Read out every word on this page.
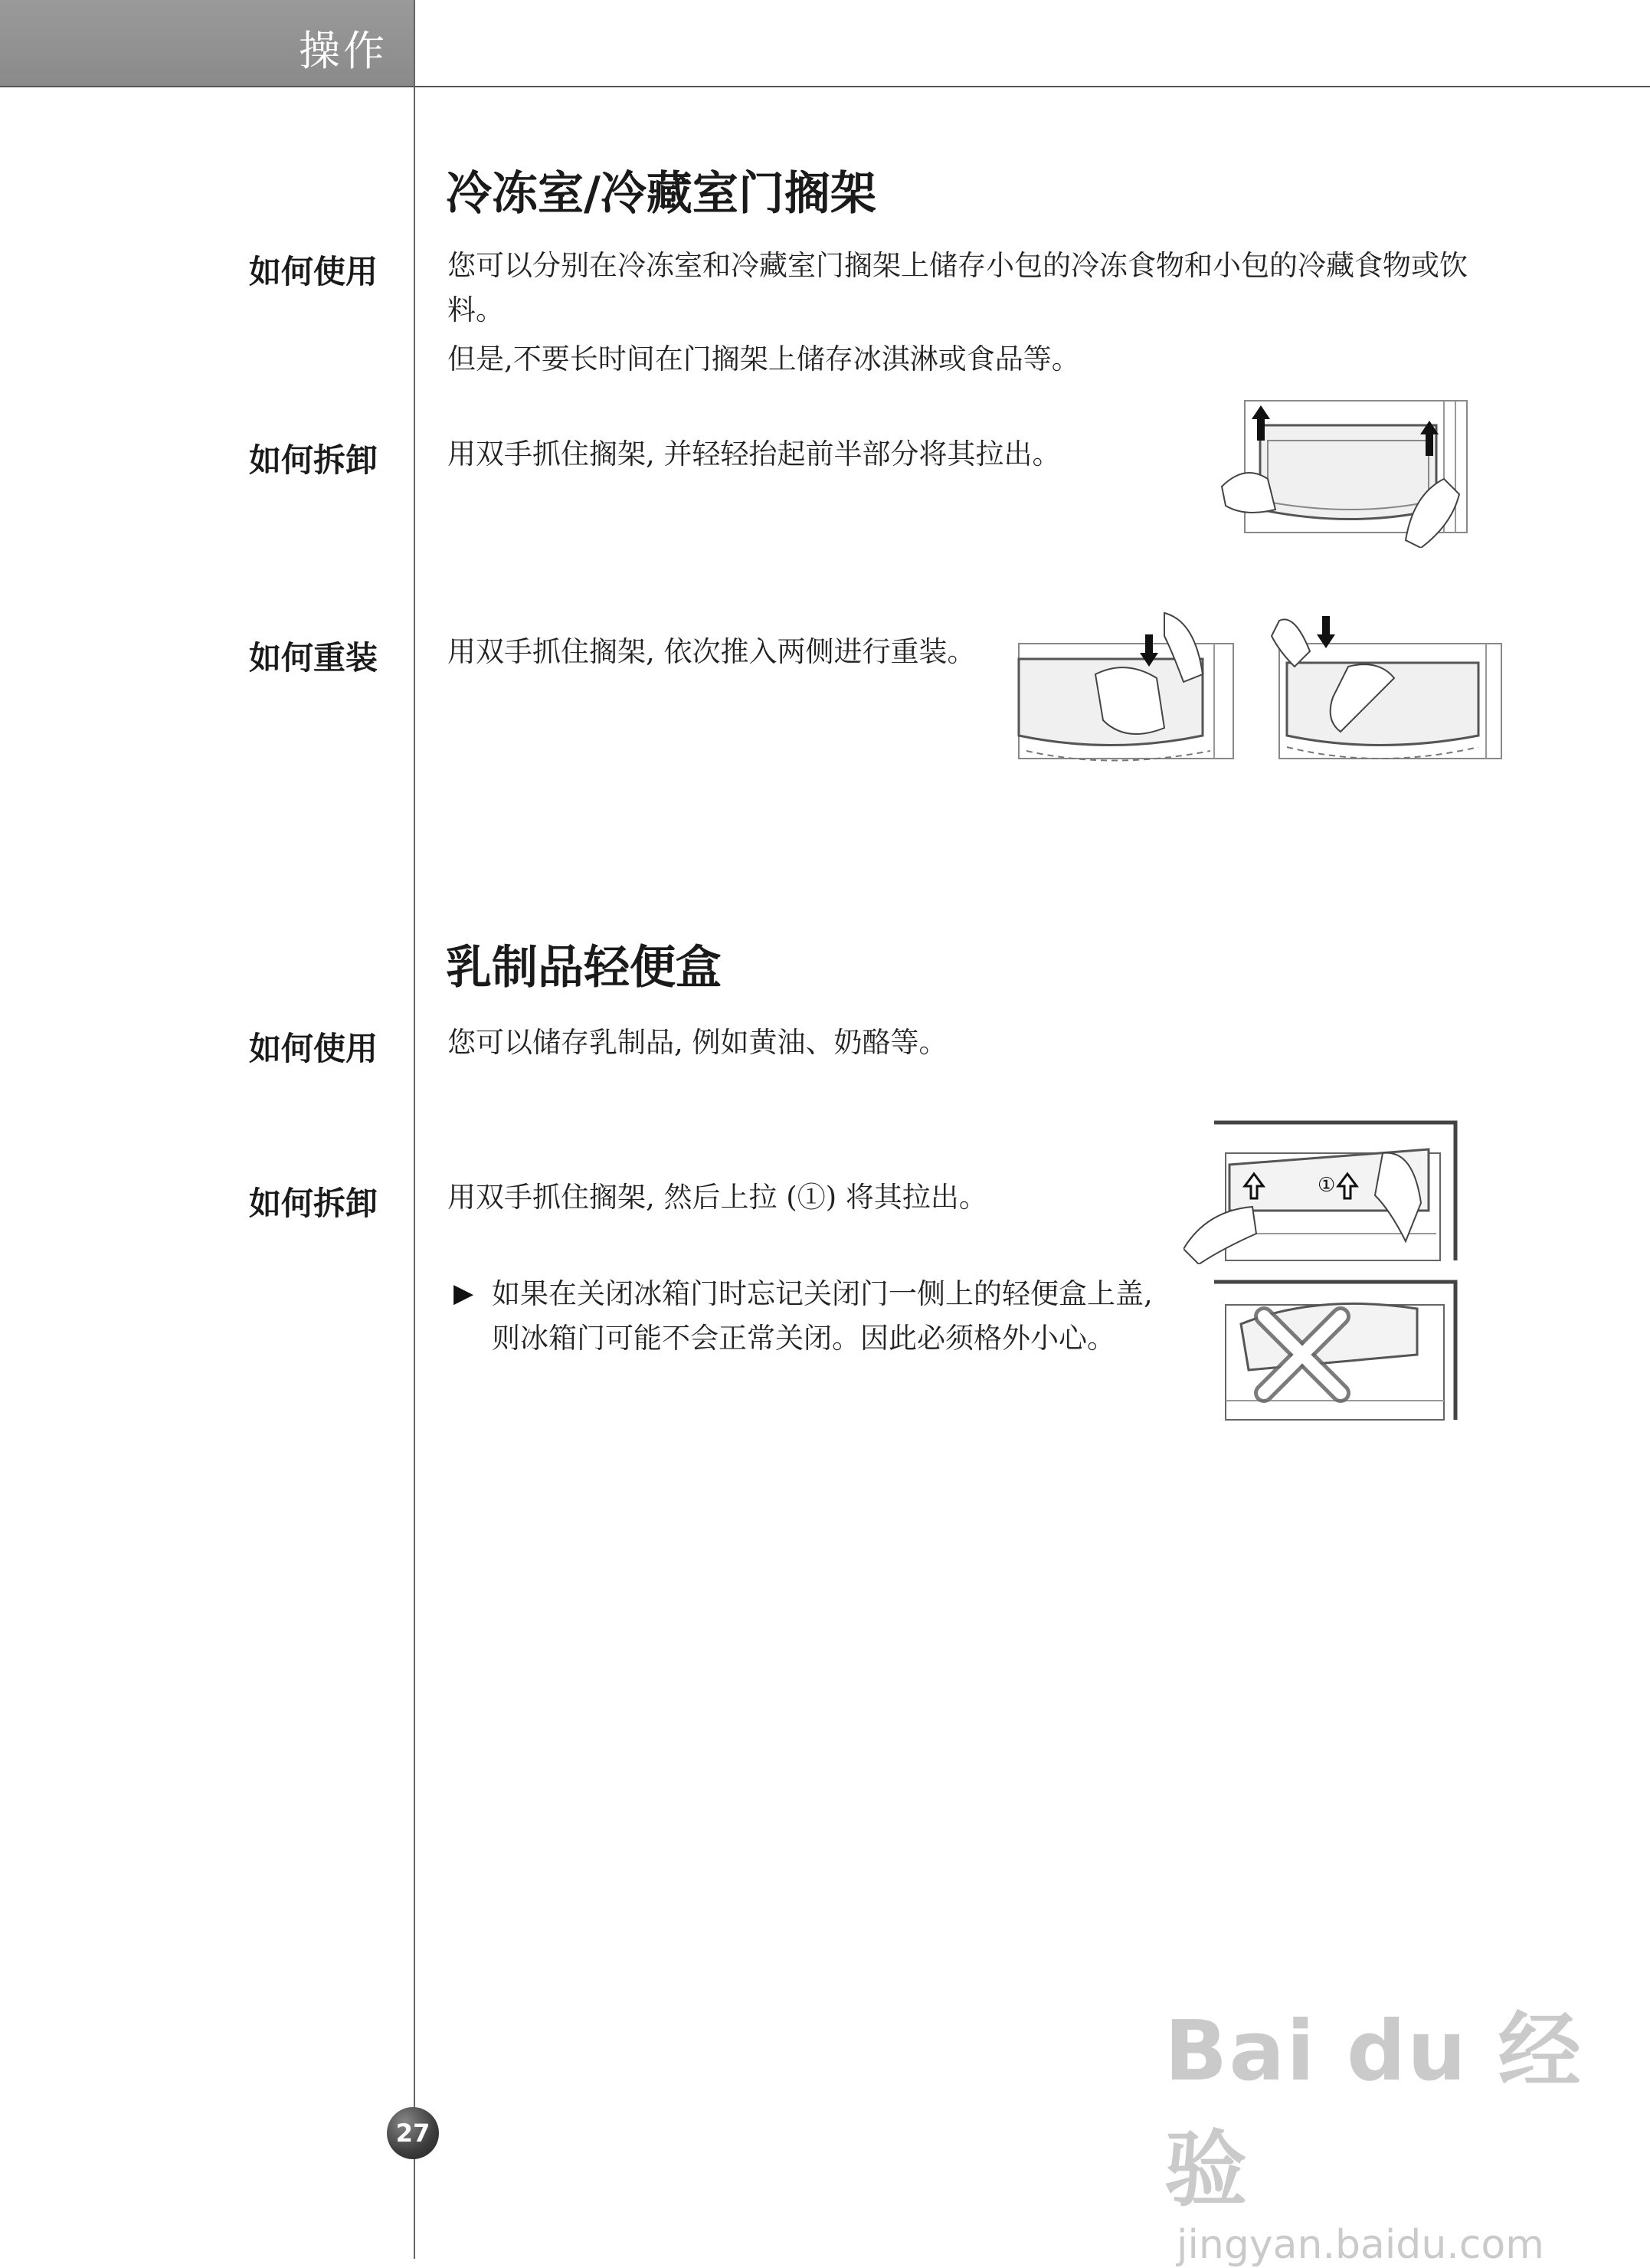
操作
冷冻室/冷藏室门搁架
如何使用 您可以分别在冷冻室和冷藏室门搁架上储存小包的冷冻食物和小包的冷藏食物或饮料。
但是,不要长时间在门搁架上储存冰淇淋或食品等。
如何拆卸 用双手抓住搁架, 并轻轻抬起前半部分将其拉出。
如何重装 用双手抓住搁架, 依次推入两侧进行重装。
乳制品轻便盒
如何使用 您可以储存乳制品, 例如黄油、奶酪等。
如何拆卸 用双手抓住搁架, 然后上拉 (①) 将其拉出。
▶ 如果在关闭冰箱门时忘记关闭门一侧上的轻便盒上盖,
则冰箱门可能不会正常关闭。因此必须格外小心。
①
27
Bai du 经验
jingyan.baidu.com
